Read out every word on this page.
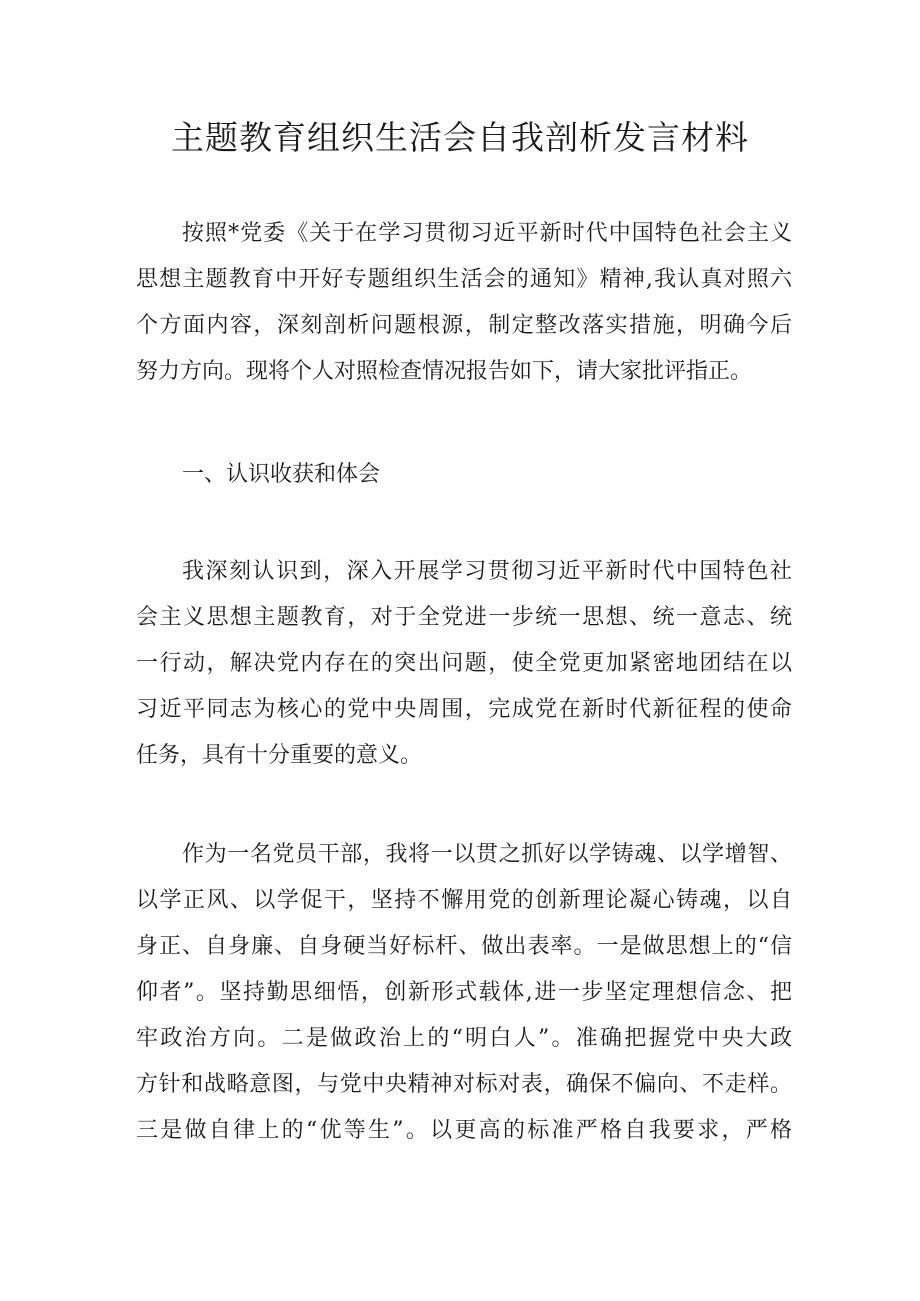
主题教育组织生活会自我剖析发言材料
按照*党委《关于在学习贯彻习近平新时代中国特色社会主义
思想主题教育中开好专题组织生活会的通知》精神,我认真对照六
个方面内容，深刻剖析问题根源，制定整改落实措施，明确今后
努力方向。现将个人对照检查情况报告如下，请大家批评指正。
一、认识收获和体会
我深刻认识到，深入开展学习贯彻习近平新时代中国特色社
会主义思想主题教育，对于全党进一步统一思想、统一意志、统
一行动，解决党内存在的突出问题，使全党更加紧密地团结在以
习近平同志为核心的党中央周围，完成党在新时代新征程的使命
任务，具有十分重要的意义。
作为一名党员干部，我将一以贯之抓好以学铸魂、以学增智、
以学正风、以学促干，坚持不懈用党的创新理论凝心铸魂，以自
身正、自身廉、自身硬当好标杆、做出表率。一是做思想上的“信
仰者”。坚持勤思细悟，创新形式载体,进一步坚定理想信念、把
牢政治方向。二是做政治上的“明白人”。准确把握党中央大政
方针和战略意图，与党中央精神对标对表，确保不偏向、不走样。
三是做自律上的“优等生”。以更高的标准严格自我要求，严格
